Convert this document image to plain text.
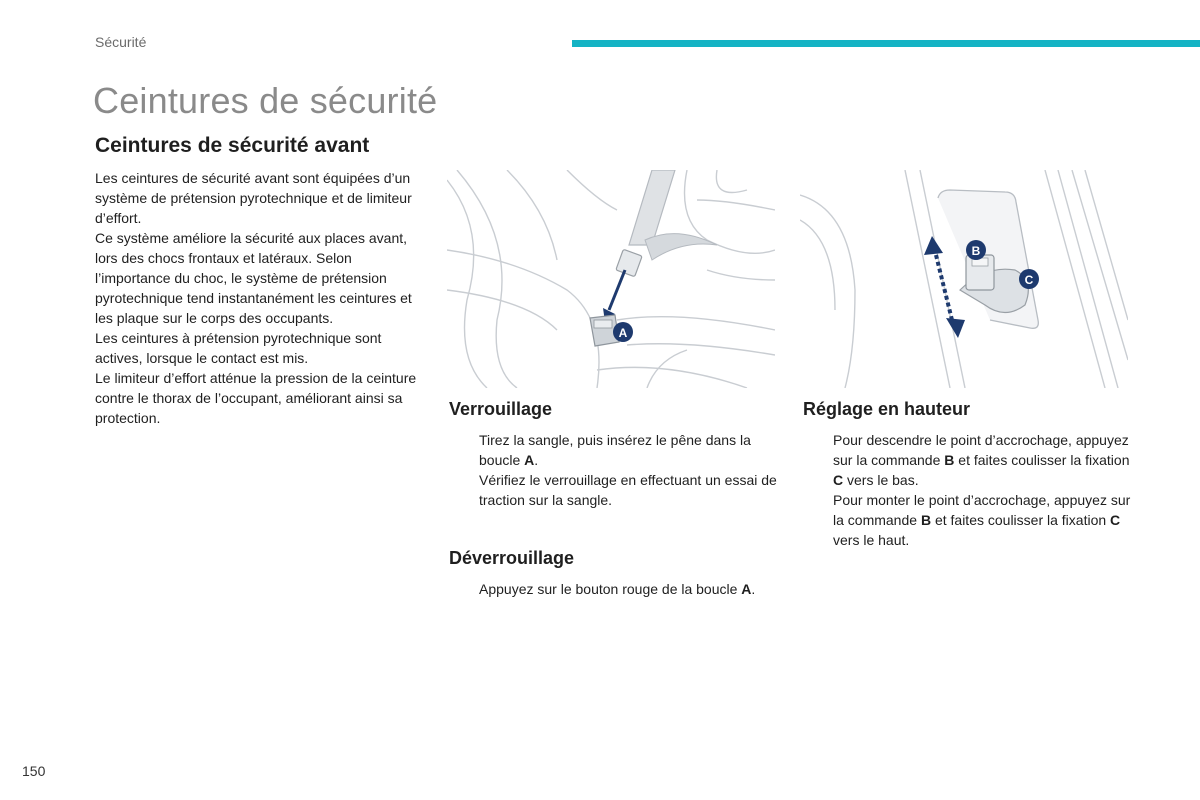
Sécurité
Ceintures de sécurité
Ceintures de sécurité avant

Les ceintures de sécurité avant sont équipées d’un système de prétension pyrotechnique et de limiteur d’effort.

Ce système améliore la sécurité aux places avant, lors des chocs frontaux et latéraux. Selon l’importance du choc, le système de prétension pyrotechnique tend instantanément les ceintures et les plaque sur le corps des occupants.

Les ceintures à prétension pyrotechnique sont actives, lorsque le contact est mis.

Le limiteur d’effort atténue la pression de la ceinture contre le thorax de l’occupant, améliorant ainsi sa protection.

A
B
C
Verrouillage
Tirez la sangle, puis insérez le pêne dans la boucle A.
Vérifiez le verrouillage en effectuant un essai de traction sur la sangle.
Déverrouillage
Appuyez sur le bouton rouge de la boucle A.
Réglage en hauteur
Pour descendre le point d’accrochage, appuyez sur la commande B et faites coulisser la fixation C vers le bas.
Pour monter le point d’accrochage, appuyez sur la commande B et faites coulisser la fixation C vers le haut.
150
